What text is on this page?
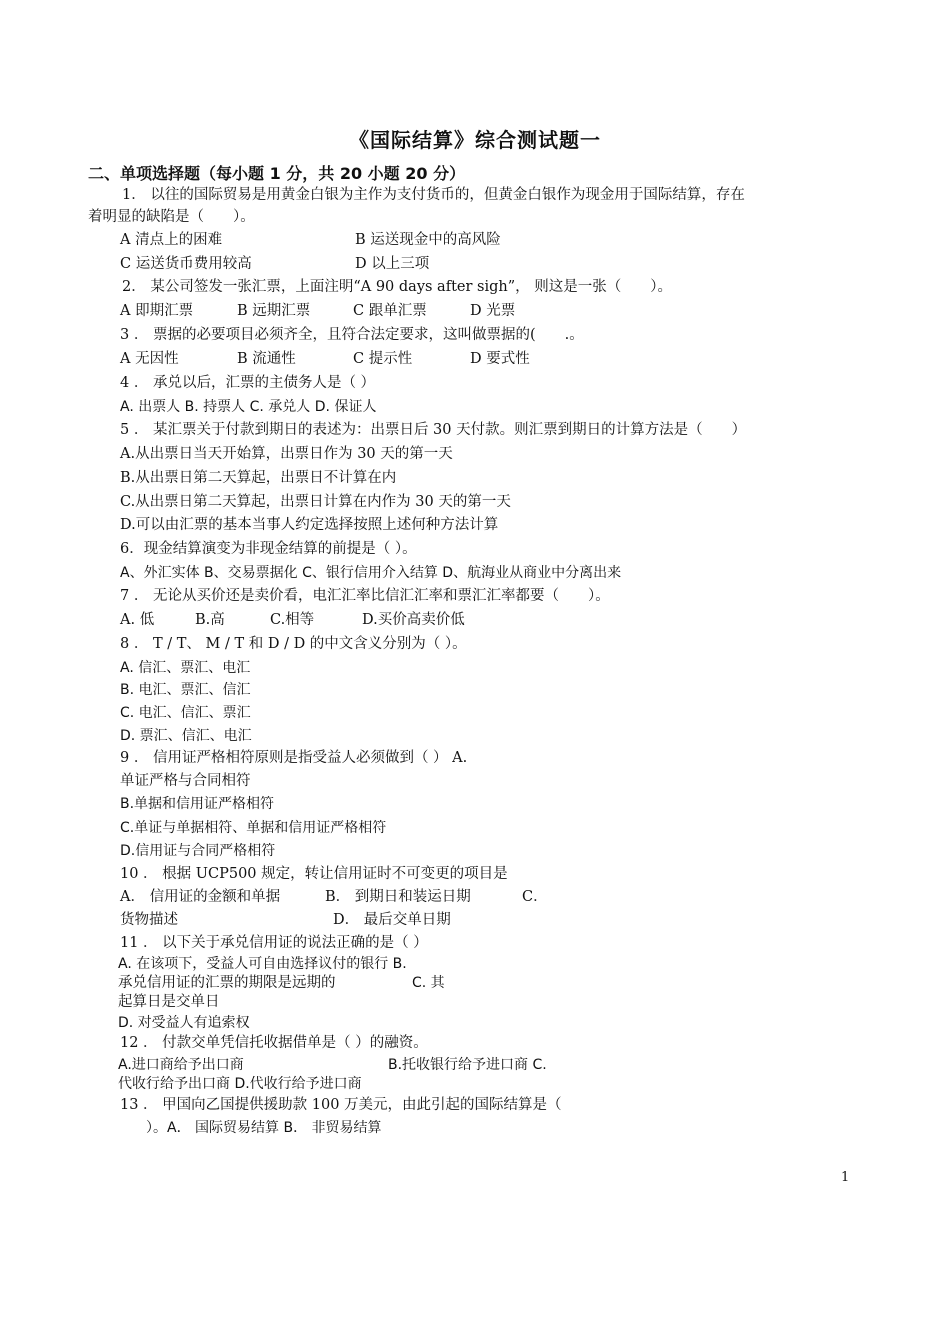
《国际结算》综合测试题一
二、单项选择题（每小题 1 分，共 20 小题 20 分）
1． 以往的国际贸易是用黄金白银为主作为支付货币的，但黄金白银作为现金用于国际结算，存在
着明显的缺陷是（　　）。
A 清点上的困难	B 运送现金中的高风险
C 运送货币费用较高	D 以上三项
2． 某公司签发一张汇票，上面注明“A 90 days after sigh”， 则这是一张（　　）。
A 即期汇票	B 远期汇票	C 跟单汇票	D 光票
3 ． 票据的必要项目必须齐全，且符合法定要求，这叫做票据的(　　.。
A 无因性	B 流通性	C 提示性	D 要式性
4 ． 承兑以后，汇票的主债务人是（ ）
A. 出票人 B. 持票人 C. 承兑人 D. 保证人
5 ． 某汇票关于付款到期日的表述为：出票日后 30 天付款。则汇票到期日的计算方法是（　　）
A.从出票日当天开始算，出票日作为 30 天的第一天
B.从出票日第二天算起，出票日不计算在内
C.从出票日第二天算起，出票日计算在内作为 30 天的第一天
D.可以由汇票的基本当事人约定选择按照上述何种方法计算
6．现金结算演变为非现金结算的前提是（ ）。
A、外汇实体 B、交易票据化 C、银行信用介入结算 D、航海业从商业中分离出来
7 ． 无论从买价还是卖价看，电汇汇率比信汇汇率和票汇汇率都要（　　）。
A. 低	B.高	C.相等	D.买价高卖价低
8 ． T / T、 M / T 和 D / D 的中文含义分别为（ ）。
A. 信汇、票汇、电汇
B. 电汇、票汇、信汇
C. 电汇、信汇、票汇
D. 票汇、信汇、电汇
9 ． 信用证严格相符原则是指受益人必须做到（ ） A.
单证严格与合同相符
B.单据和信用证严格相符
C.单证与单据相符、单据和信用证严格相符
D.信用证与合同严格相符
10 ． 根据 UCP500 规定，转让信用证时不可变更的项目是
A． 信用证的金额和单据	B． 到期日和装运日期	C．
货物描述	D． 最后交单日期
11 ． 以下关于承兑信用证的说法正确的是（ ）
A. 在该项下，受益人可自由选择议付的银行 B.
承兑信用证的汇票的期限是远期的	C. 其
起算日是交单日
D. 对受益人有追索权
12 ． 付款交单凭信托收据借单是（ ）的融资。
A.进口商给予出口商	B.托收银行给予进口商 C.
代收行给予出口商 D.代收行给予进口商
13 ． 甲国向乙国提供援助款 100 万美元，由此引起的国际结算是（
）。A． 国际贸易结算 B． 非贸易结算
1
